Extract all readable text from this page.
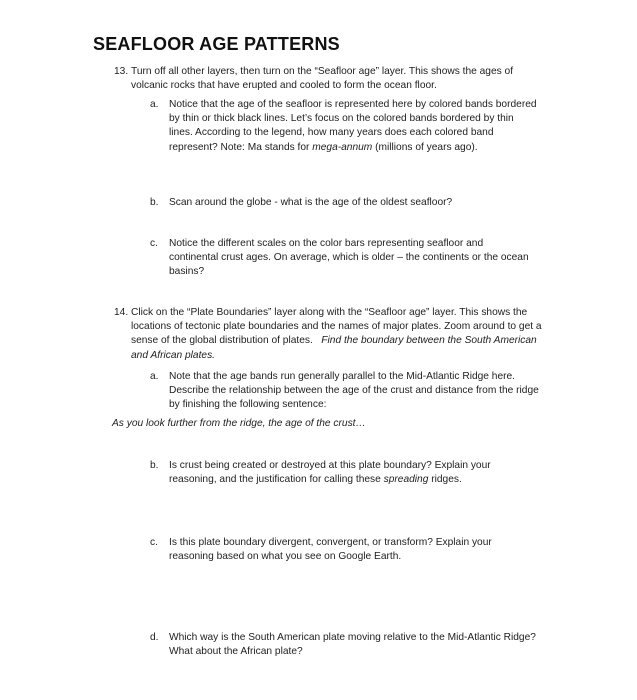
SEAFLOOR AGE PATTERNS
13. Turn off all other layers, then turn on the “Seafloor age” layer. This shows the ages of volcanic rocks that have erupted and cooled to form the ocean floor.
a. Notice that the age of the seafloor is represented here by colored bands bordered by thin or thick black lines. Let’s focus on the colored bands bordered by thin lines. According to the legend, how many years does each colored band represent? Note: Ma stands for mega-annum (millions of years ago).
b. Scan around the globe - what is the age of the oldest seafloor?
c. Notice the different scales on the color bars representing seafloor and continental crust ages. On average, which is older – the continents or the ocean basins?
14. Click on the “Plate Boundaries” layer along with the “Seafloor age” layer. This shows the locations of tectonic plate boundaries and the names of major plates. Zoom around to get a sense of the global distribution of plates. Find the boundary between the South American and African plates.
a. Note that the age bands run generally parallel to the Mid-Atlantic Ridge here. Describe the relationship between the age of the crust and distance from the ridge by finishing the following sentence:
As you look further from the ridge, the age of the crust…
b. Is crust being created or destroyed at this plate boundary? Explain your reasoning, and the justification for calling these spreading ridges.
c. Is this plate boundary divergent, convergent, or transform? Explain your reasoning based on what you see on Google Earth.
d. Which way is the South American plate moving relative to the Mid-Atlantic Ridge? What about the African plate?
